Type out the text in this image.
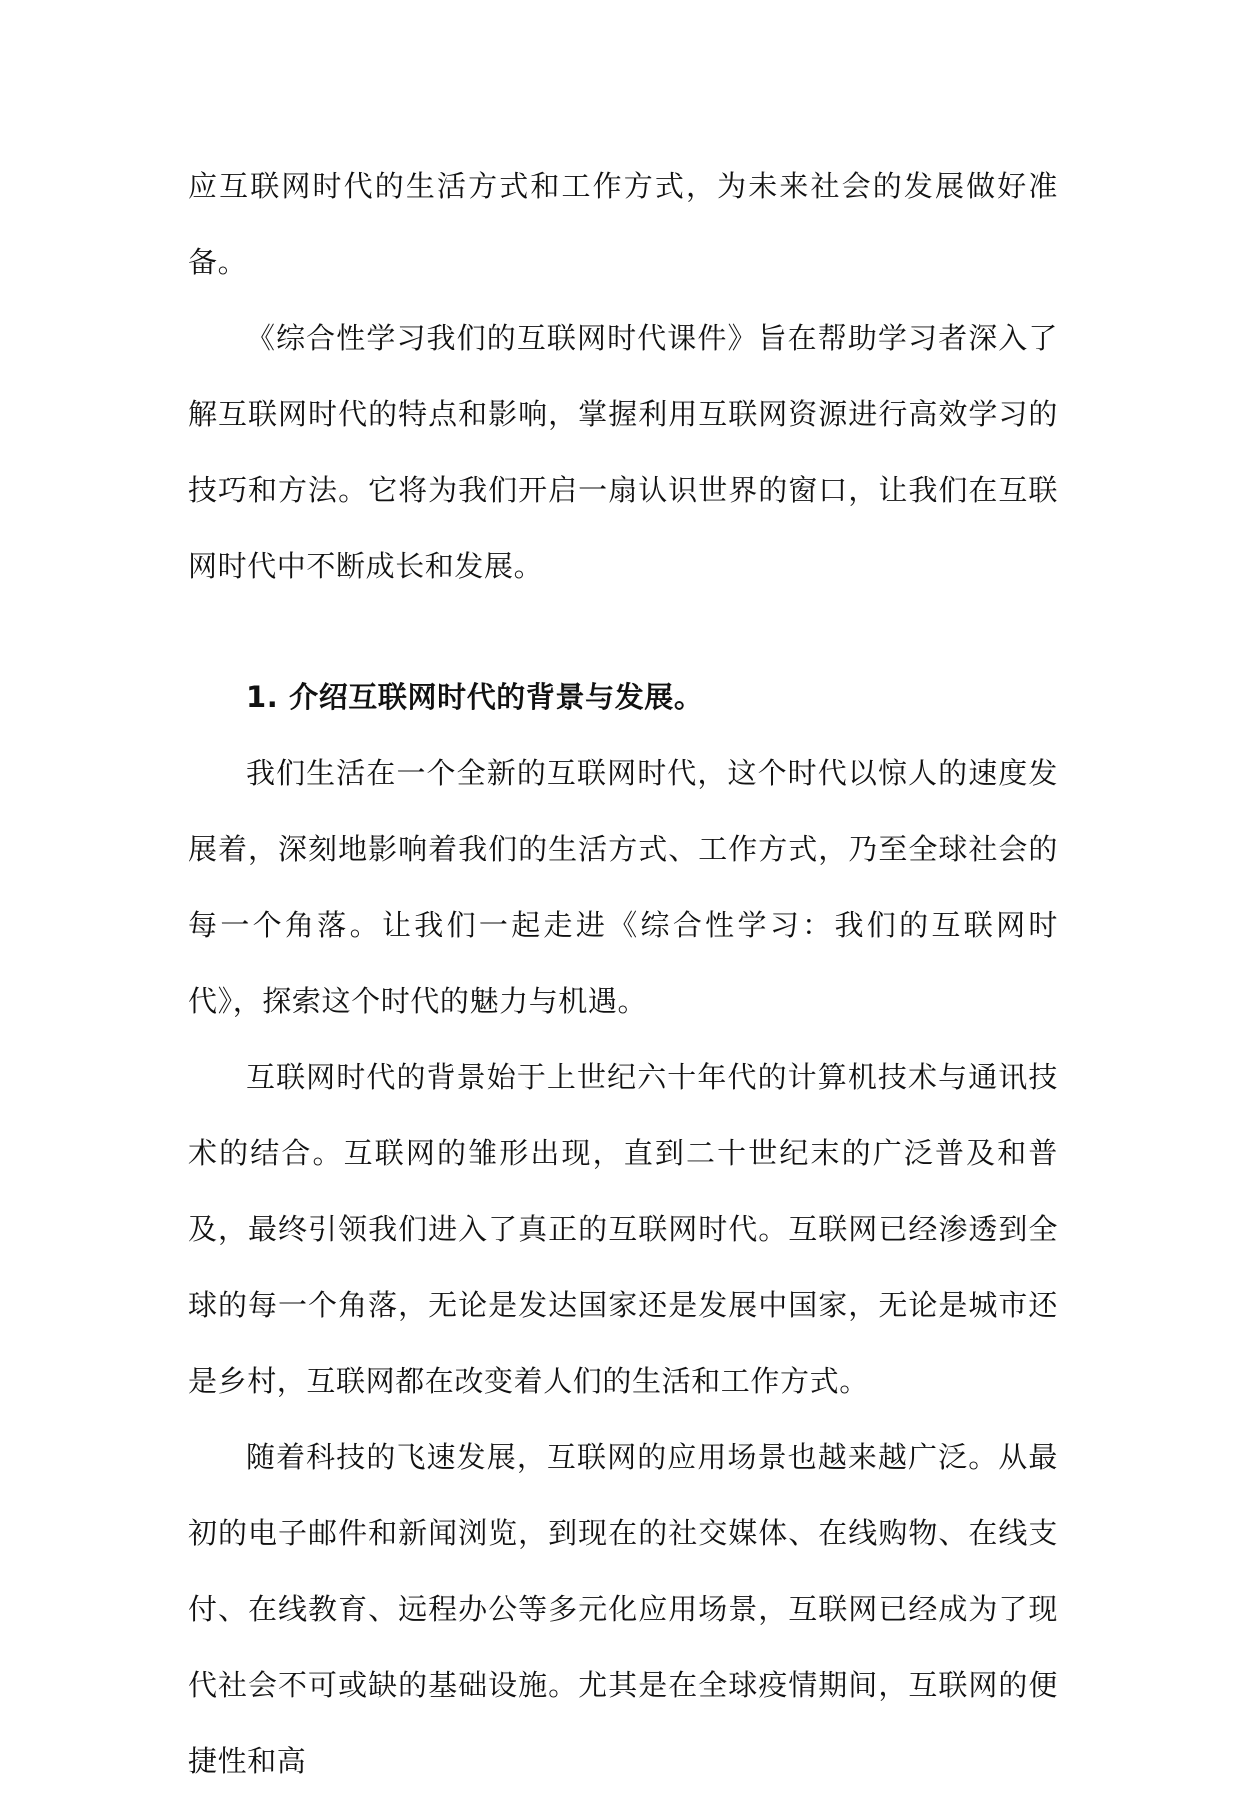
应互联网时代的生活方式和工作方式，为未来社会的发展做好准备。

《综合性学习我们的互联网时代课件》旨在帮助学习者深入了解互联网时代的特点和影响，掌握利用互联网资源进行高效学习的技巧和方法。它将为我们开启一扇认识世界的窗口，让我们在互联网时代中不断成长和发展。

1. 介绍互联网时代的背景与发展。

我们生活在一个全新的互联网时代，这个时代以惊人的速度发展着，深刻地影响着我们的生活方式、工作方式，乃至全球社会的每一个角落。让我们一起走进《综合性学习：我们的互联网时代》，探索这个时代的魅力与机遇。

互联网时代的背景始于上世纪六十年代的计算机技术与通讯技术的结合。互联网的雏形出现，直到二十世纪末的广泛普及和普及，最终引领我们进入了真正的互联网时代。互联网已经渗透到全球的每一个角落，无论是发达国家还是发展中国家，无论是城市还是乡村，互联网都在改变着人们的生活和工作方式。

随着科技的飞速发展，互联网的应用场景也越来越广泛。从最初的电子邮件和新闻浏览，到现在的社交媒体、在线购物、在线支付、在线教育、远程办公等多元化应用场景，互联网已经成为了现代社会不可或缺的基础设施。尤其是在全球疫情期间，互联网的便捷性和高
